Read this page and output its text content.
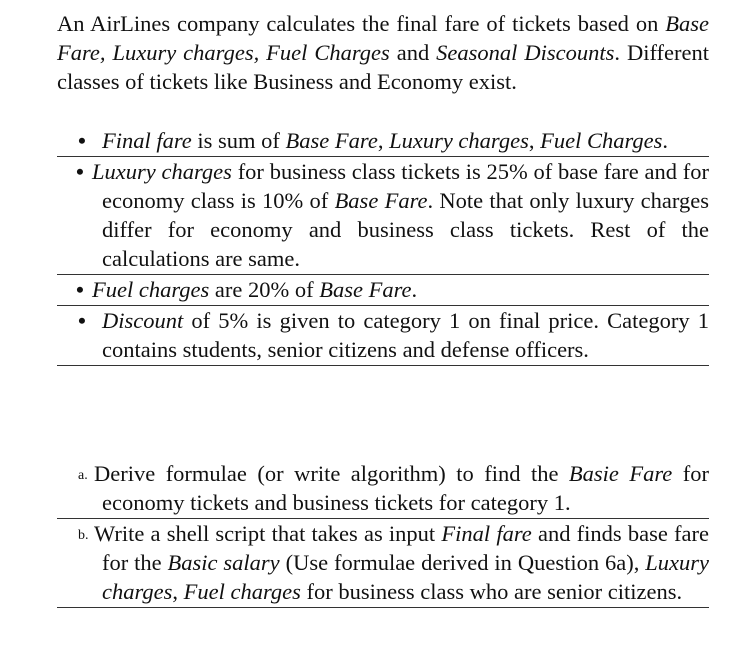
An AirLines company calculates the final fare of tickets based on Base Fare, Luxury charges, Fuel Charges and Seasonal Discounts. Different classes of tickets like Business and Economy exist.

• Final fare is sum of Base Fare, Luxury charges, Fuel Charges.
• Luxury charges for business class tickets is 25% of base fare and for economy class is 10% of Base Fare. Note that only luxury charges differ for economy and business class tickets. Rest of the calculations are same.
• Fuel charges are 20% of Base Fare.
• Discount of 5% is given to category 1 on final price. Category 1 contains students, senior citizens and defense officers.
a. Derive formulae (or write algorithm) to find the Basie Fare for economy tickets and business tickets for category 1.
b. Write a shell script that takes as input Final fare and finds base fare for the Basic salary (Use formulae derived in Question 6a), Luxury charges, Fuel charges for business class who are senior citizens.
